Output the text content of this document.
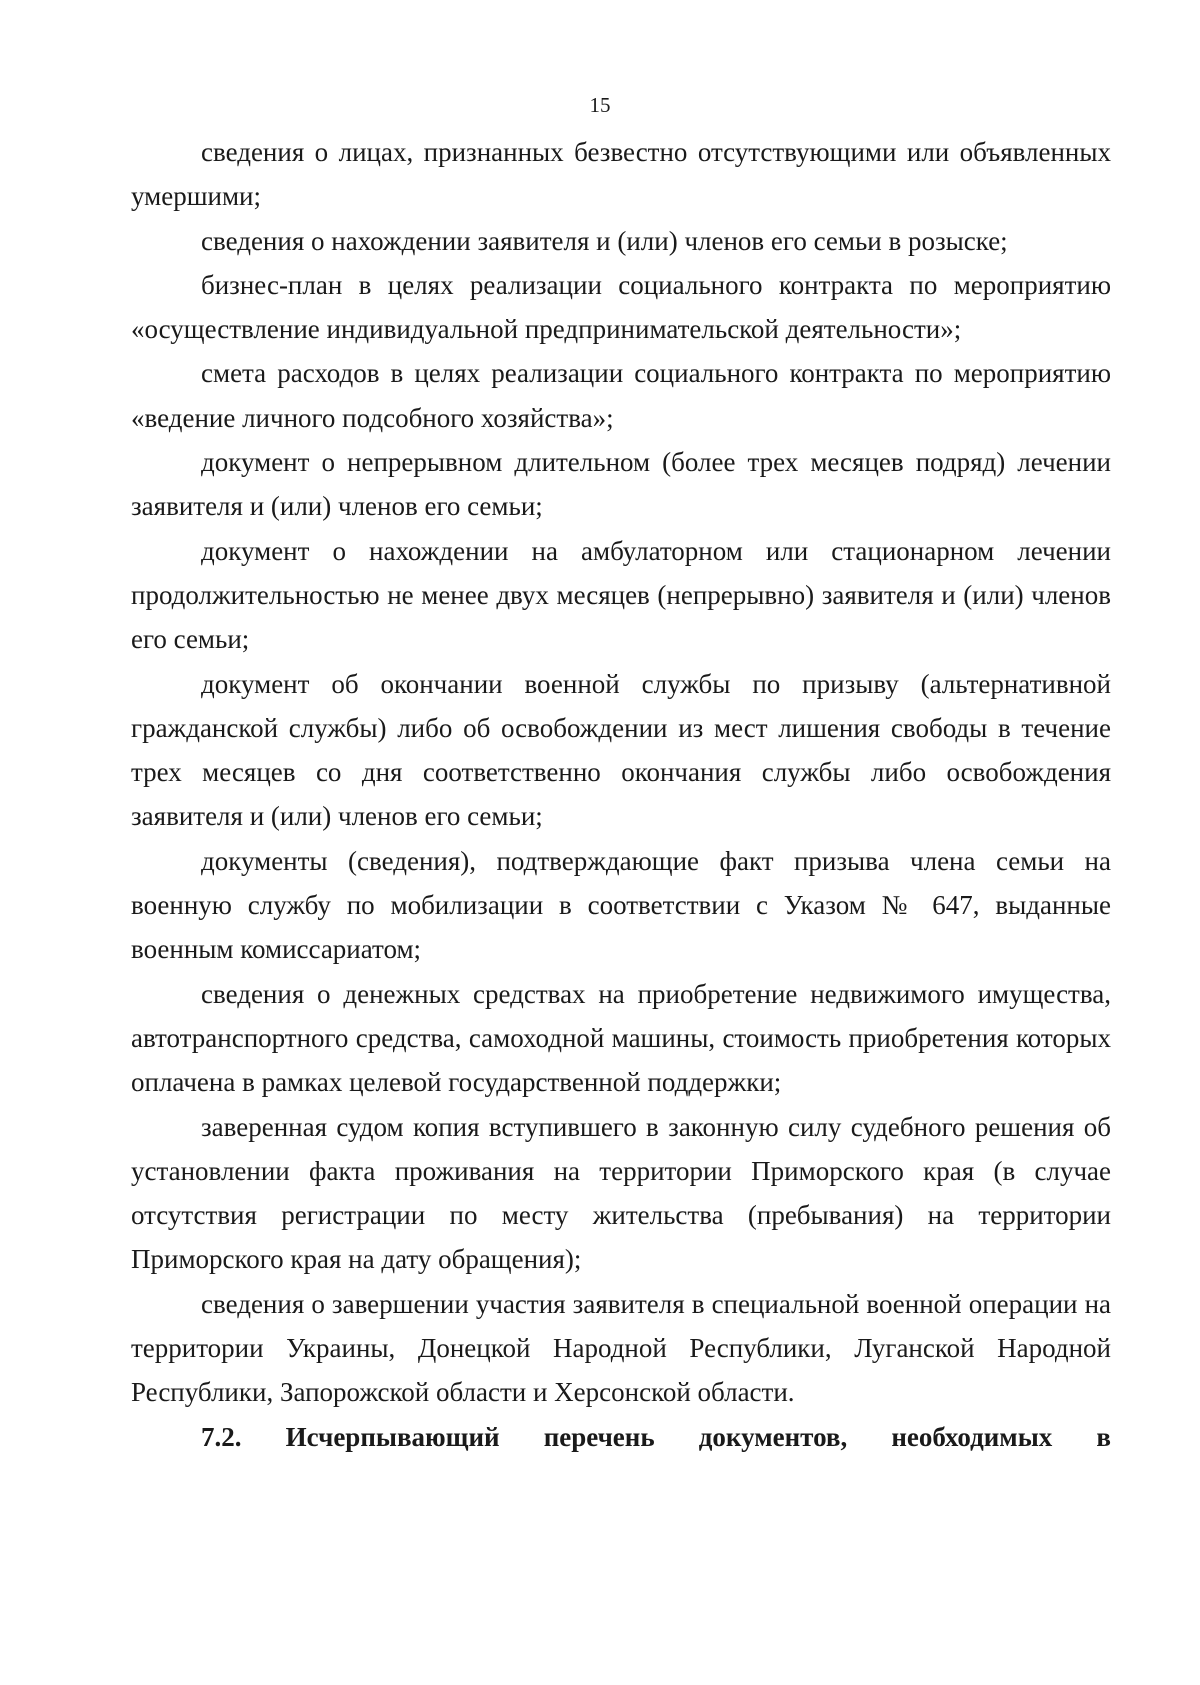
15

сведения о лицах, признанных безвестно отсутствующими или объявленных умершими;

сведения о нахождении заявителя и (или) членов его семьи в розыске;

бизнес-план в целях реализации социального контракта по мероприятию «осуществление индивидуальной предпринимательской деятельности»;

смета расходов в целях реализации социального контракта по мероприятию «ведение личного подсобного хозяйства»;

документ о непрерывном длительном (более трех месяцев подряд) лечении заявителя и (или) членов его семьи;

документ о нахождении на амбулаторном или стационарном лечении продолжительностью не менее двух месяцев (непрерывно) заявителя и (или) членов его семьи;

документ об окончании военной службы по призыву (альтернативной гражданской службы) либо об освобождении из мест лишения свободы в течение трех месяцев со дня соответственно окончания службы либо освобождения заявителя и (или) членов его семьи;

документы (сведения), подтверждающие факт призыва члена семьи на военную службу по мобилизации в соответствии с Указом № 647, выданные военным комиссариатом;

сведения о денежных средствах на приобретение недвижимого имущества, автотранспортного средства, самоходной машины, стоимость приобретения которых оплачена в рамках целевой государственной поддержки;

заверенная судом копия вступившего в законную силу судебного решения об установлении факта проживания на территории Приморского края (в случае отсутствия регистрации по месту жительства (пребывания) на территории Приморского края на дату обращения);

сведения о завершении участия заявителя в специальной военной операции на территории Украины, Донецкой Народной Республики, Луганской Народной Республики, Запорожской области и Херсонской области.

7.2. Исчерпывающий перечень документов, необходимых в
